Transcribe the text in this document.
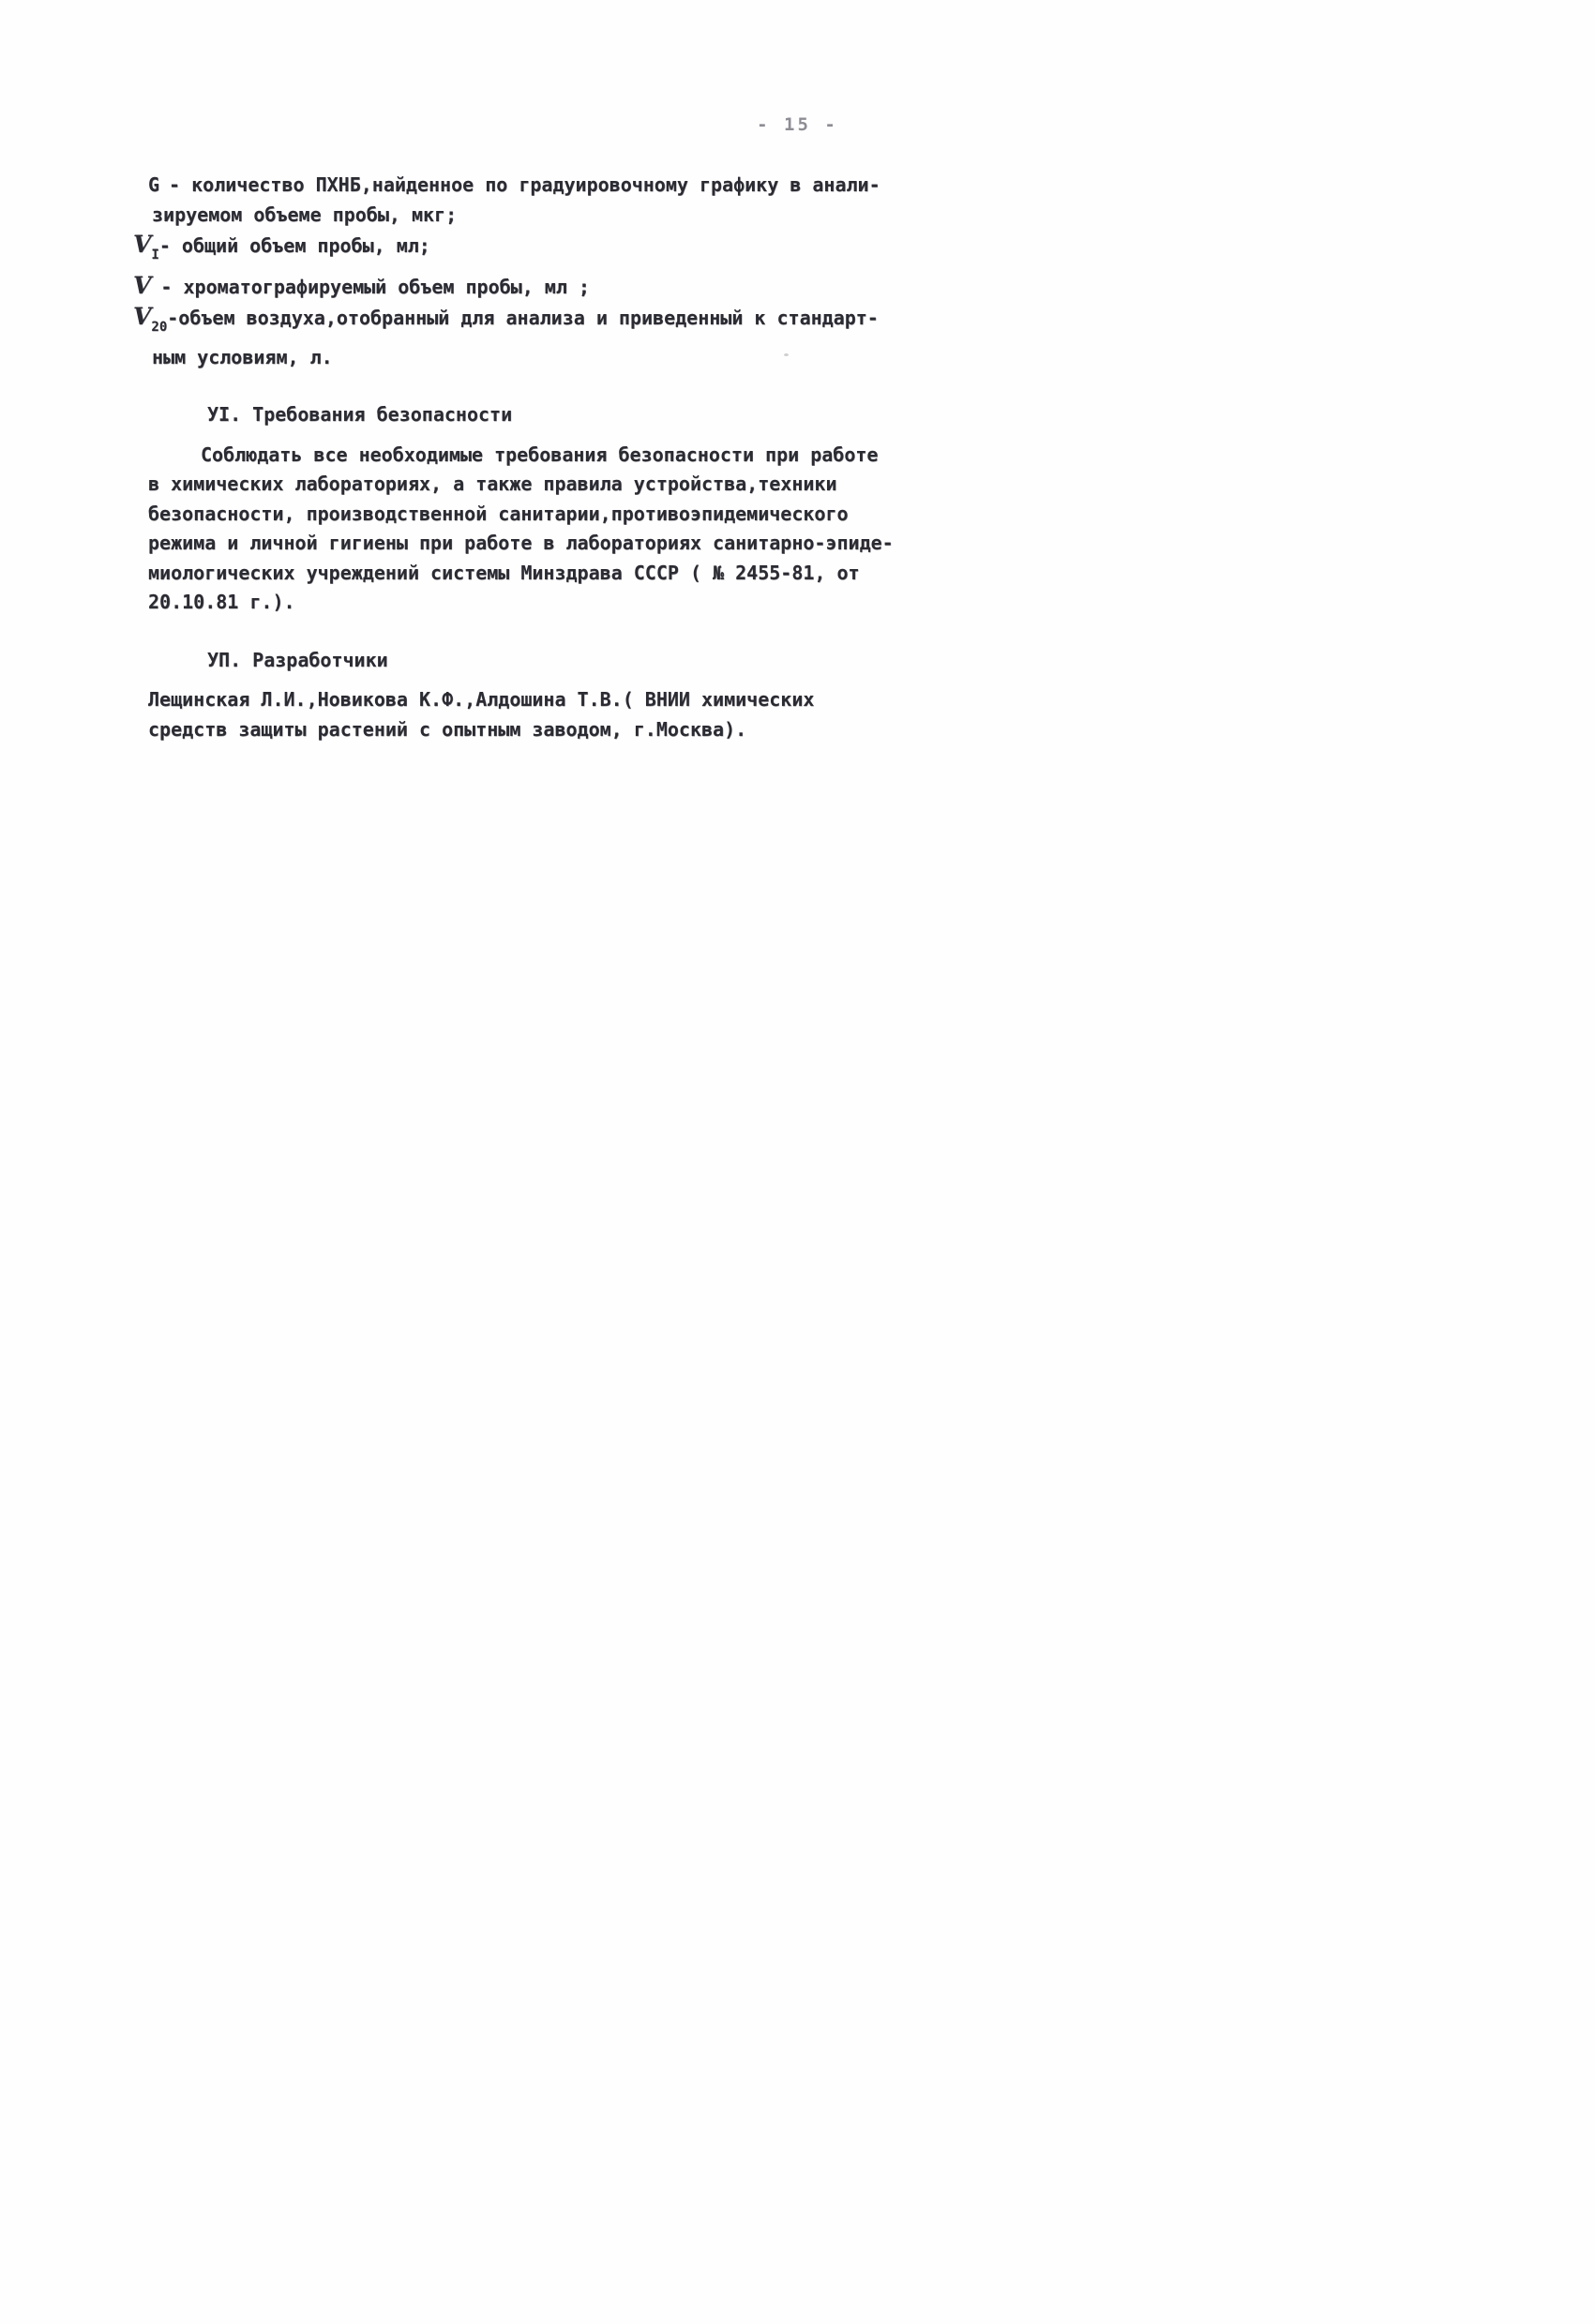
- 15 -
G - количество ПХНБ,найденное по градуировочному графику в анали-
зируемом объеме пробы, мкг;
$V_I-$ общий объем пробы, мл;
V - хроматографируемый объем пробы, мл ;
$V_{20}$-объем воздуха,отобранный для анализа и приведенный к стандарт-
ным условиям, л.
УІ. Требования безопасности
Соблюдать все необходимые требования безопасности при работе
в химических лабораториях, а также правила устройства,техники
безопасности, производственной санитарии,противоэпидемического
режима и личной гигиены при работе в лабораториях санитарно-эпиде-
миологических учреждений системы Минздрава СССР ( № 2455-81, от
20.10.81 г.).
УП. Разработчики
Лещинская Л.И.,Новикова К.Ф.,Алдошина Т.В.( ВНИИ химических
средств защиты растений с опытным заводом, г.Москва).
